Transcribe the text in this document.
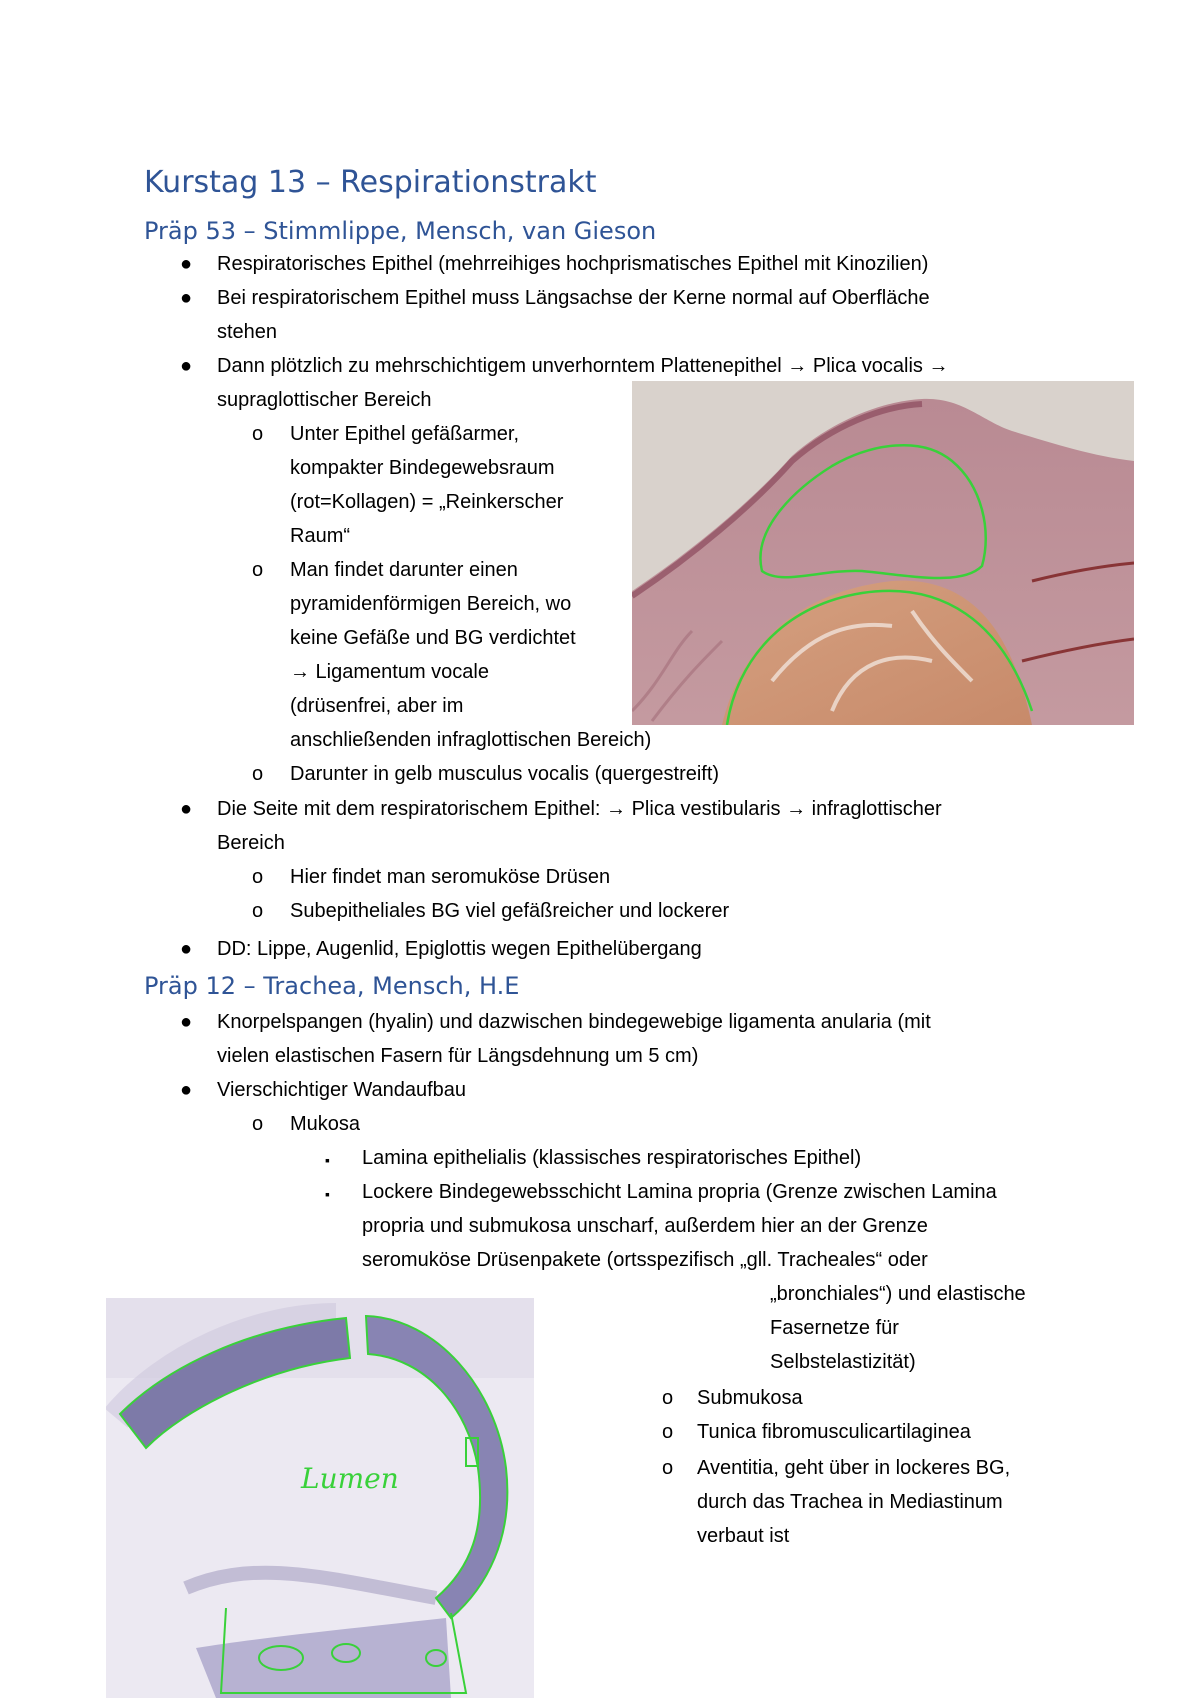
Kurstag 13 – Respirationstrakt
Präp 53 – Stimmlippe, Mensch, van Gieson
● Respiratorisches Epithel (mehrreihiges hochprismatisches Epithel mit Kinozilien)
● Bei respiratorischem Epithel muss Längsachse der Kerne normal auf Oberfläche
stehen
● Dann plötzlich zu mehrschichtigem unverhorntem Plattenepithel → Plica vocalis →
supraglottischer Bereich
o Unter Epithel gefäßarmer,
kompakter Bindegewebsraum
(rot=Kollagen) = „Reinkerscher
Raum“
o Man findet darunter einen
pyramidenförmigen Bereich, wo
keine Gefäße und BG verdichtet
→ Ligamentum vocale
(drüsenfrei, aber im
anschließenden infraglottischen Bereich)
o Darunter in gelb musculus vocalis (quergestreift)
● Die Seite mit dem respiratorischem Epithel: → Plica vestibularis → infraglottischer
Bereich
o Hier findet man seromuköse Drüsen
o Subepitheliales BG viel gefäßreicher und lockerer
● DD: Lippe, Augenlid, Epiglottis wegen Epithelübergang
Präp 12 – Trachea, Mensch, H.E
● Knorpelspangen (hyalin) und dazwischen bindegewebige ligamenta anularia (mit
vielen elastischen Fasern für Längsdehnung um 5 cm)
● Vierschichtiger Wandaufbau
o Mukosa
▪ Lamina epithelialis (klassisches respiratorisches Epithel)
▪ Lockere Bindegewebsschicht Lamina propria (Grenze zwischen Lamina
propria und submukosa unscharf, außerdem hier an der Grenze
seromuköse Drüsenpakete (ortsspezifisch „gll. Tracheales“ oder
„bronchiales“) und elastische
Fasernetze für
Selbstelastizität)
o Submukosa
o Tunica fibromusculicartilaginea
o Aventitia, geht über in lockeres BG,
durch das Trachea in Mediastinum
verbaut ist
Lumen
